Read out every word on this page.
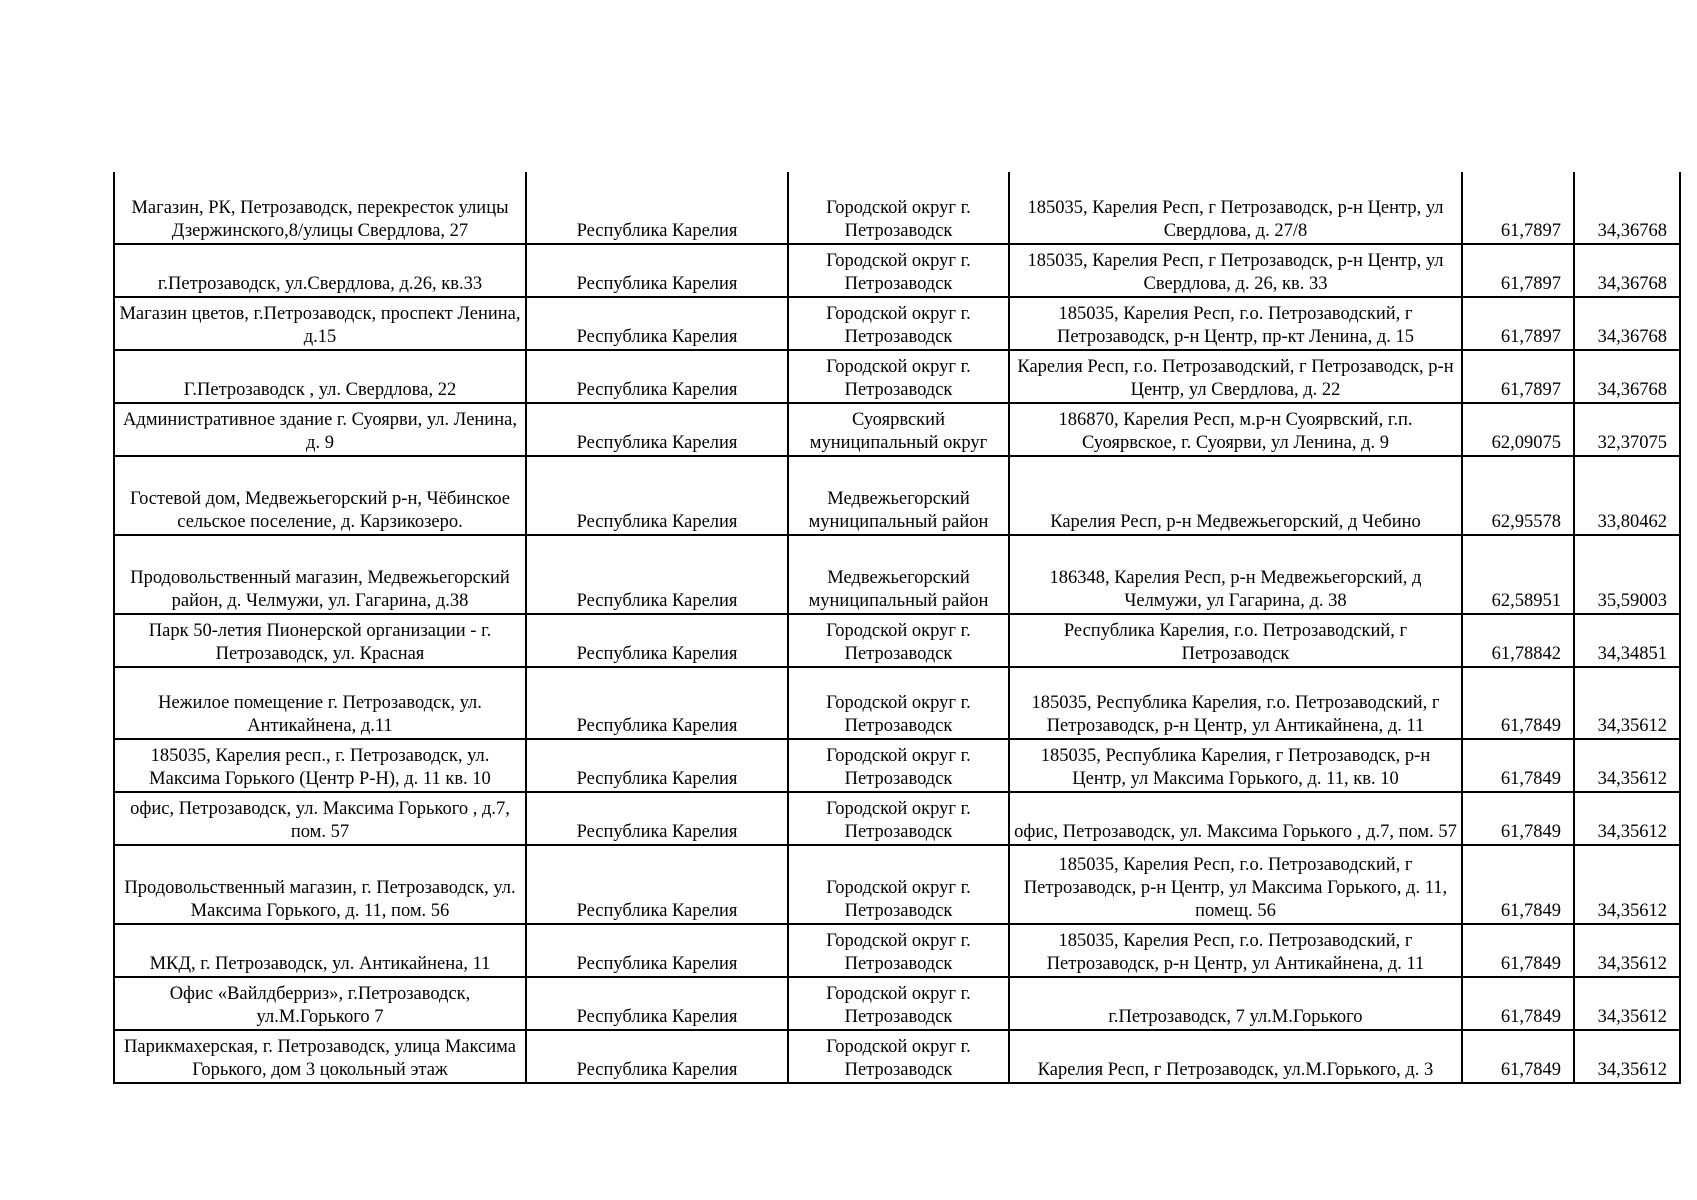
Магазин, РК, Петрозаводск, перекресток улицы Дзержинского,8/улицы Свердлова, 27	Республика Карелия	Городской округ г. Петрозаводск	185035, Карелия Респ, г Петрозаводск, р-н Центр, ул Свердлова, д. 27/8	61,7897	34,36768
г.Петрозаводск, ул.Свердлова, д.26, кв.33	Республика Карелия	Городской округ г. Петрозаводск	185035, Карелия Респ, г Петрозаводск, р-н Центр, ул Свердлова, д. 26, кв. 33	61,7897	34,36768
Магазин цветов, г.Петрозаводск, проспект Ленина, д.15	Республика Карелия	Городской округ г. Петрозаводск	185035, Карелия Респ, г.о. Петрозаводский, г Петрозаводск, р-н Центр, пр-кт Ленина, д. 15	61,7897	34,36768
Г.Петрозаводск , ул. Свердлова, 22	Республика Карелия	Городской округ г. Петрозаводск	Карелия Респ, г.о. Петрозаводский, г Петрозаводск, р-н Центр, ул Свердлова, д. 22	61,7897	34,36768
Административное здание г. Суоярви, ул. Ленина, д. 9	Республика Карелия	Суоярвский муниципальный округ	186870, Карелия Респ, м.р-н Суоярвский, г.п. Суоярвское, г. Суоярви, ул Ленина, д. 9	62,09075	32,37075
Гостевой дом, Медвежьегорский р-н, Чёбинское сельское поселение, д. Карзикозеро.	Республика Карелия	Медвежьегорский муниципальный район	Карелия Респ, р-н Медвежьегорский, д Чебино	62,95578	33,80462
Продовольственный магазин, Медвежьегорский район, д. Челмужи, ул. Гагарина, д.38	Республика Карелия	Медвежьегорский муниципальный район	186348, Карелия Респ, р-н Медвежьегорский, д Челмужи, ул Гагарина, д. 38	62,58951	35,59003
Парк 50-летия Пионерской организации - г. Петрозаводск, ул. Красная	Республика Карелия	Городской округ г. Петрозаводск	Республика Карелия, г.о. Петрозаводский, г Петрозаводск	61,78842	34,34851
Нежилое помещение г. Петрозаводск, ул. Антикайнена, д.11	Республика Карелия	Городской округ г. Петрозаводск	185035, Республика Карелия, г.о. Петрозаводский, г Петрозаводск, р-н Центр, ул Антикайнена, д. 11	61,7849	34,35612
185035, Карелия респ., г. Петрозаводск, ул. Максима Горького (Центр Р-Н), д. 11 кв. 10	Республика Карелия	Городской округ г. Петрозаводск	185035, Республика Карелия, г Петрозаводск, р-н Центр, ул Максима Горького, д. 11, кв. 10	61,7849	34,35612
офис, Петрозаводск, ул. Максима Горького , д.7, пом. 57	Республика Карелия	Городской округ г. Петрозаводск	офис, Петрозаводск, ул. Максима Горького , д.7, пом. 57	61,7849	34,35612
Продовольственный магазин, г. Петрозаводск, ул. Максима Горького, д. 11, пом. 56	Республика Карелия	Городской округ г. Петрозаводск	185035, Карелия Респ, г.о. Петрозаводский, г Петрозаводск, р-н Центр, ул Максима Горького, д. 11, помещ. 56	61,7849	34,35612
МКД, г. Петрозаводск, ул. Антикайнена, 11	Республика Карелия	Городской округ г. Петрозаводск	185035, Карелия Респ, г.о. Петрозаводский, г Петрозаводск, р-н Центр, ул Антикайнена, д. 11	61,7849	34,35612
Офис «Вайлдберриз», г.Петрозаводск, ул.М.Горького 7	Республика Карелия	Городской округ г. Петрозаводск	г.Петрозаводск, 7 ул.М.Горького	61,7849	34,35612
Парикмахерская, г. Петрозаводск, улица Максима Горького, дом 3 цокольный этаж	Республика Карелия	Городской округ г. Петрозаводск	Карелия Респ, г Петрозаводск, ул.М.Горького, д. 3	61,7849	34,35612
